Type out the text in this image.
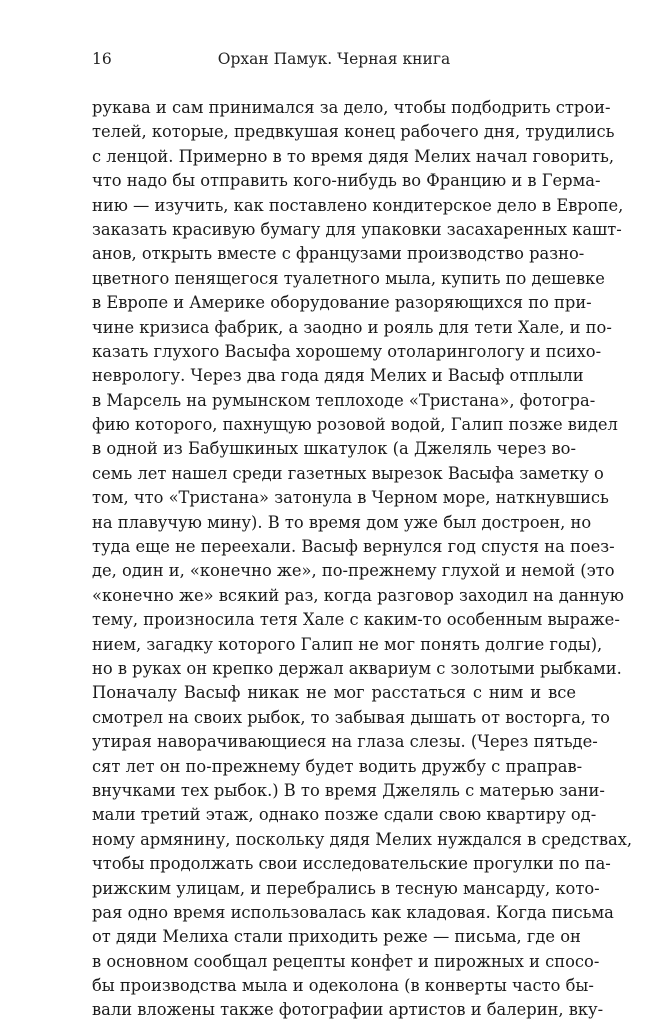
16	Орхан Памук. Черная книга
рукава и сам принимался за дело, чтобы подбодрить строи-
телей, которые, предвкушая конец рабочего дня, трудились
с ленцой. Примерно в то время дядя Мелих начал говорить,
что надо бы отправить кого-нибудь во Францию и в Герма-
нию — изучить, как поставлено кондитерское дело в Европе,
заказать красивую бумагу для упаковки засахаренных кашт-
анов, открыть вместе с французами производство разно-
цветного пенящегося туалетного мыла, купить по дешевке
в Европе и Америке оборудование разоряющихся по при-
чине кризиса фабрик, а заодно и рояль для тети Хале, и по-
казать глухого Васыфа хорошему отоларингологу и психо-
неврологу. Через два года дядя Мелих и Васыф отплыли
в Марсель на румынском теплоходе «Тристана», фотогра-
фию которого, пахнущую розовой водой, Галип позже видел
в одной из Бабушкиных шкатулок (а Джеляль через во-
семь лет нашел среди газетных вырезок Васыфа заметку о
том, что «Тристана» затонула в Черном море, наткнувшись
на плавучую мину). В то время дом уже был достроен, но
туда еще не переехали. Васыф вернулся год спустя на поез-
де, один и, «конечно же», по-прежнему глухой и немой (это
«конечно же» всякий раз, когда разговор заходил на данную
тему, произносила тетя Хале с каким-то особенным выраже-
нием, загадку которого Галип не мог понять долгие годы),
но в руках он крепко держал аквариум с золотыми рыбками.
Поначалу Васыф никак не мог расстаться с ним и все
смотрел на своих рыбок, то забывая дышать от восторга, то
утирая наворачивающиеся на глаза слезы. (Через пятьде-
сят лет он по-прежнему будет водить дружбу с праправ-
внучками тех рыбок.) В то время Джеляль с матерью зани-
мали третий этаж, однако позже сдали свою квартиру од-
ному армянину, поскольку дядя Мелих нуждался в средствах,
чтобы продолжать свои исследовательские прогулки по па-
рижским улицам, и перебрались в тесную мансарду, кото-
рая одно время использовалась как кладовая. Когда письма
от дяди Мелиха стали приходить реже — письма, где он
в основном сообщал рецепты конфет и пирожных и спосо-
бы производства мыла и одеколона (в конверты часто бы-
вали вложены также фотографии артистов и балерин, вку-
